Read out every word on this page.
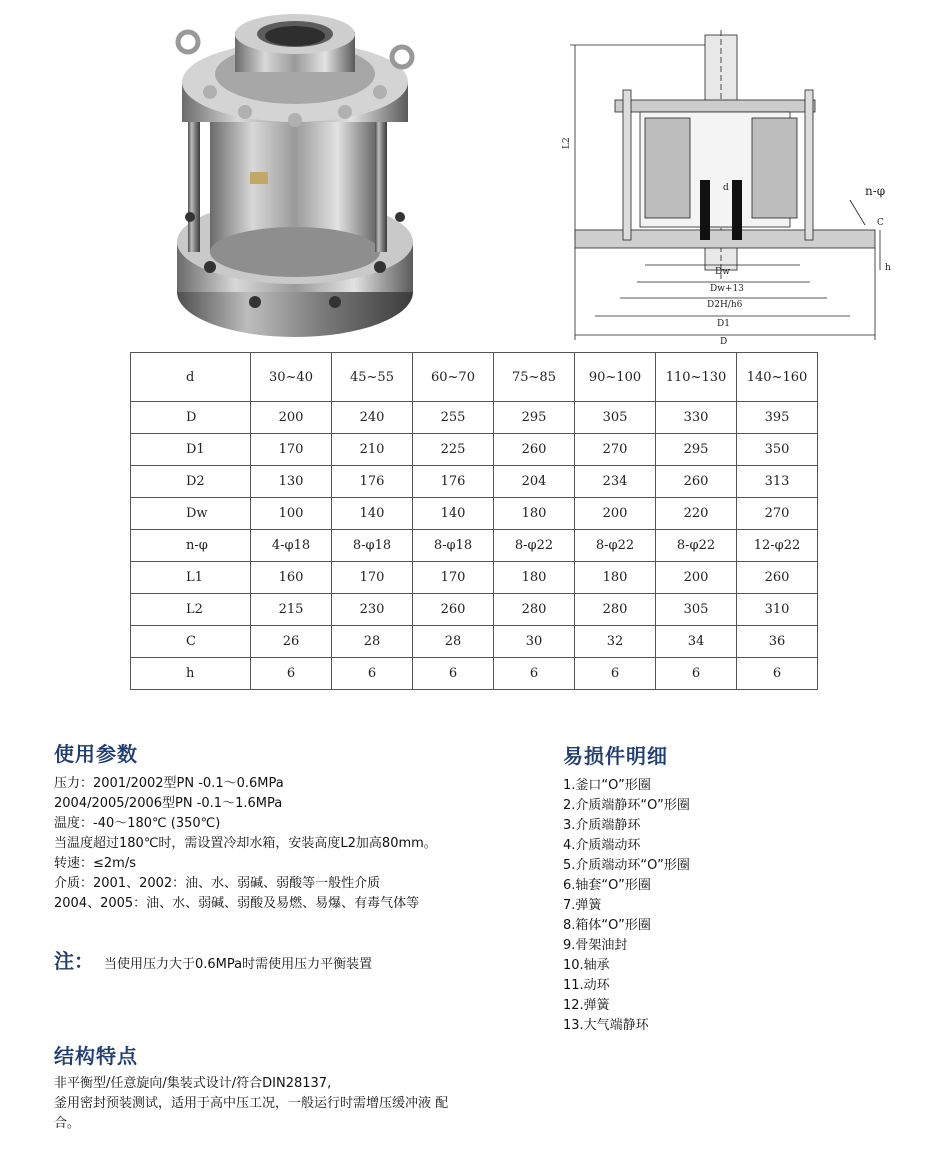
L2
d
Dw
Dw+13
D2H/h6
D1
D
n-φ
C
h
d	30~40	45~55	60~70	75~85	90~100	110~130	140~160
D	200	240	255	295	305	330	395
D1	170	210	225	260	270	295	350
D2	130	176	176	204	234	260	313
Dw	100	140	140	180	200	220	270
n-φ	4-φ18	8-φ18	8-φ18	8-φ22	8-φ22	8-φ22	12-φ22
L1	160	170	170	180	180	200	260
L2	215	230	260	280	280	305	310
C	26	28	28	30	32	34	36
h	6	6	6	6	6	6	6
使用参数
压力：2001/2002型PN -0.1～0.6MPa
2004/2005/2006型PN -0.1～1.6MPa
温度：-40～180℃ (350℃)
当温度超过180℃时，需设置冷却水箱，安装高度L2加高80mm。
转速：≤2m/s
介质：2001、2002：油、水、弱碱、弱酸等一般性介质
2004、2005：油、水、弱碱、弱酸及易燃、易爆、有毒气体等
注： 当使用压力大于0.6MPa时需使用压力平衡装置
易损件明细
1.釜口“O”形圈
2.介质端静环“O”形圈
3.介质端静环
4.介质端动环
5.介质端动环“O”形圈
6.轴套“O”形圈
7.弹簧
8.箱体“O”形圈
9.骨架油封
10.轴承
11.动环
12.弹簧
13.大气端静环
结构特点
非平衡型/任意旋向/集装式设计/符合DIN28137,
釜用密封预装测试，适用于高中压工况，一般运行时需增压缓冲液 配
合。
